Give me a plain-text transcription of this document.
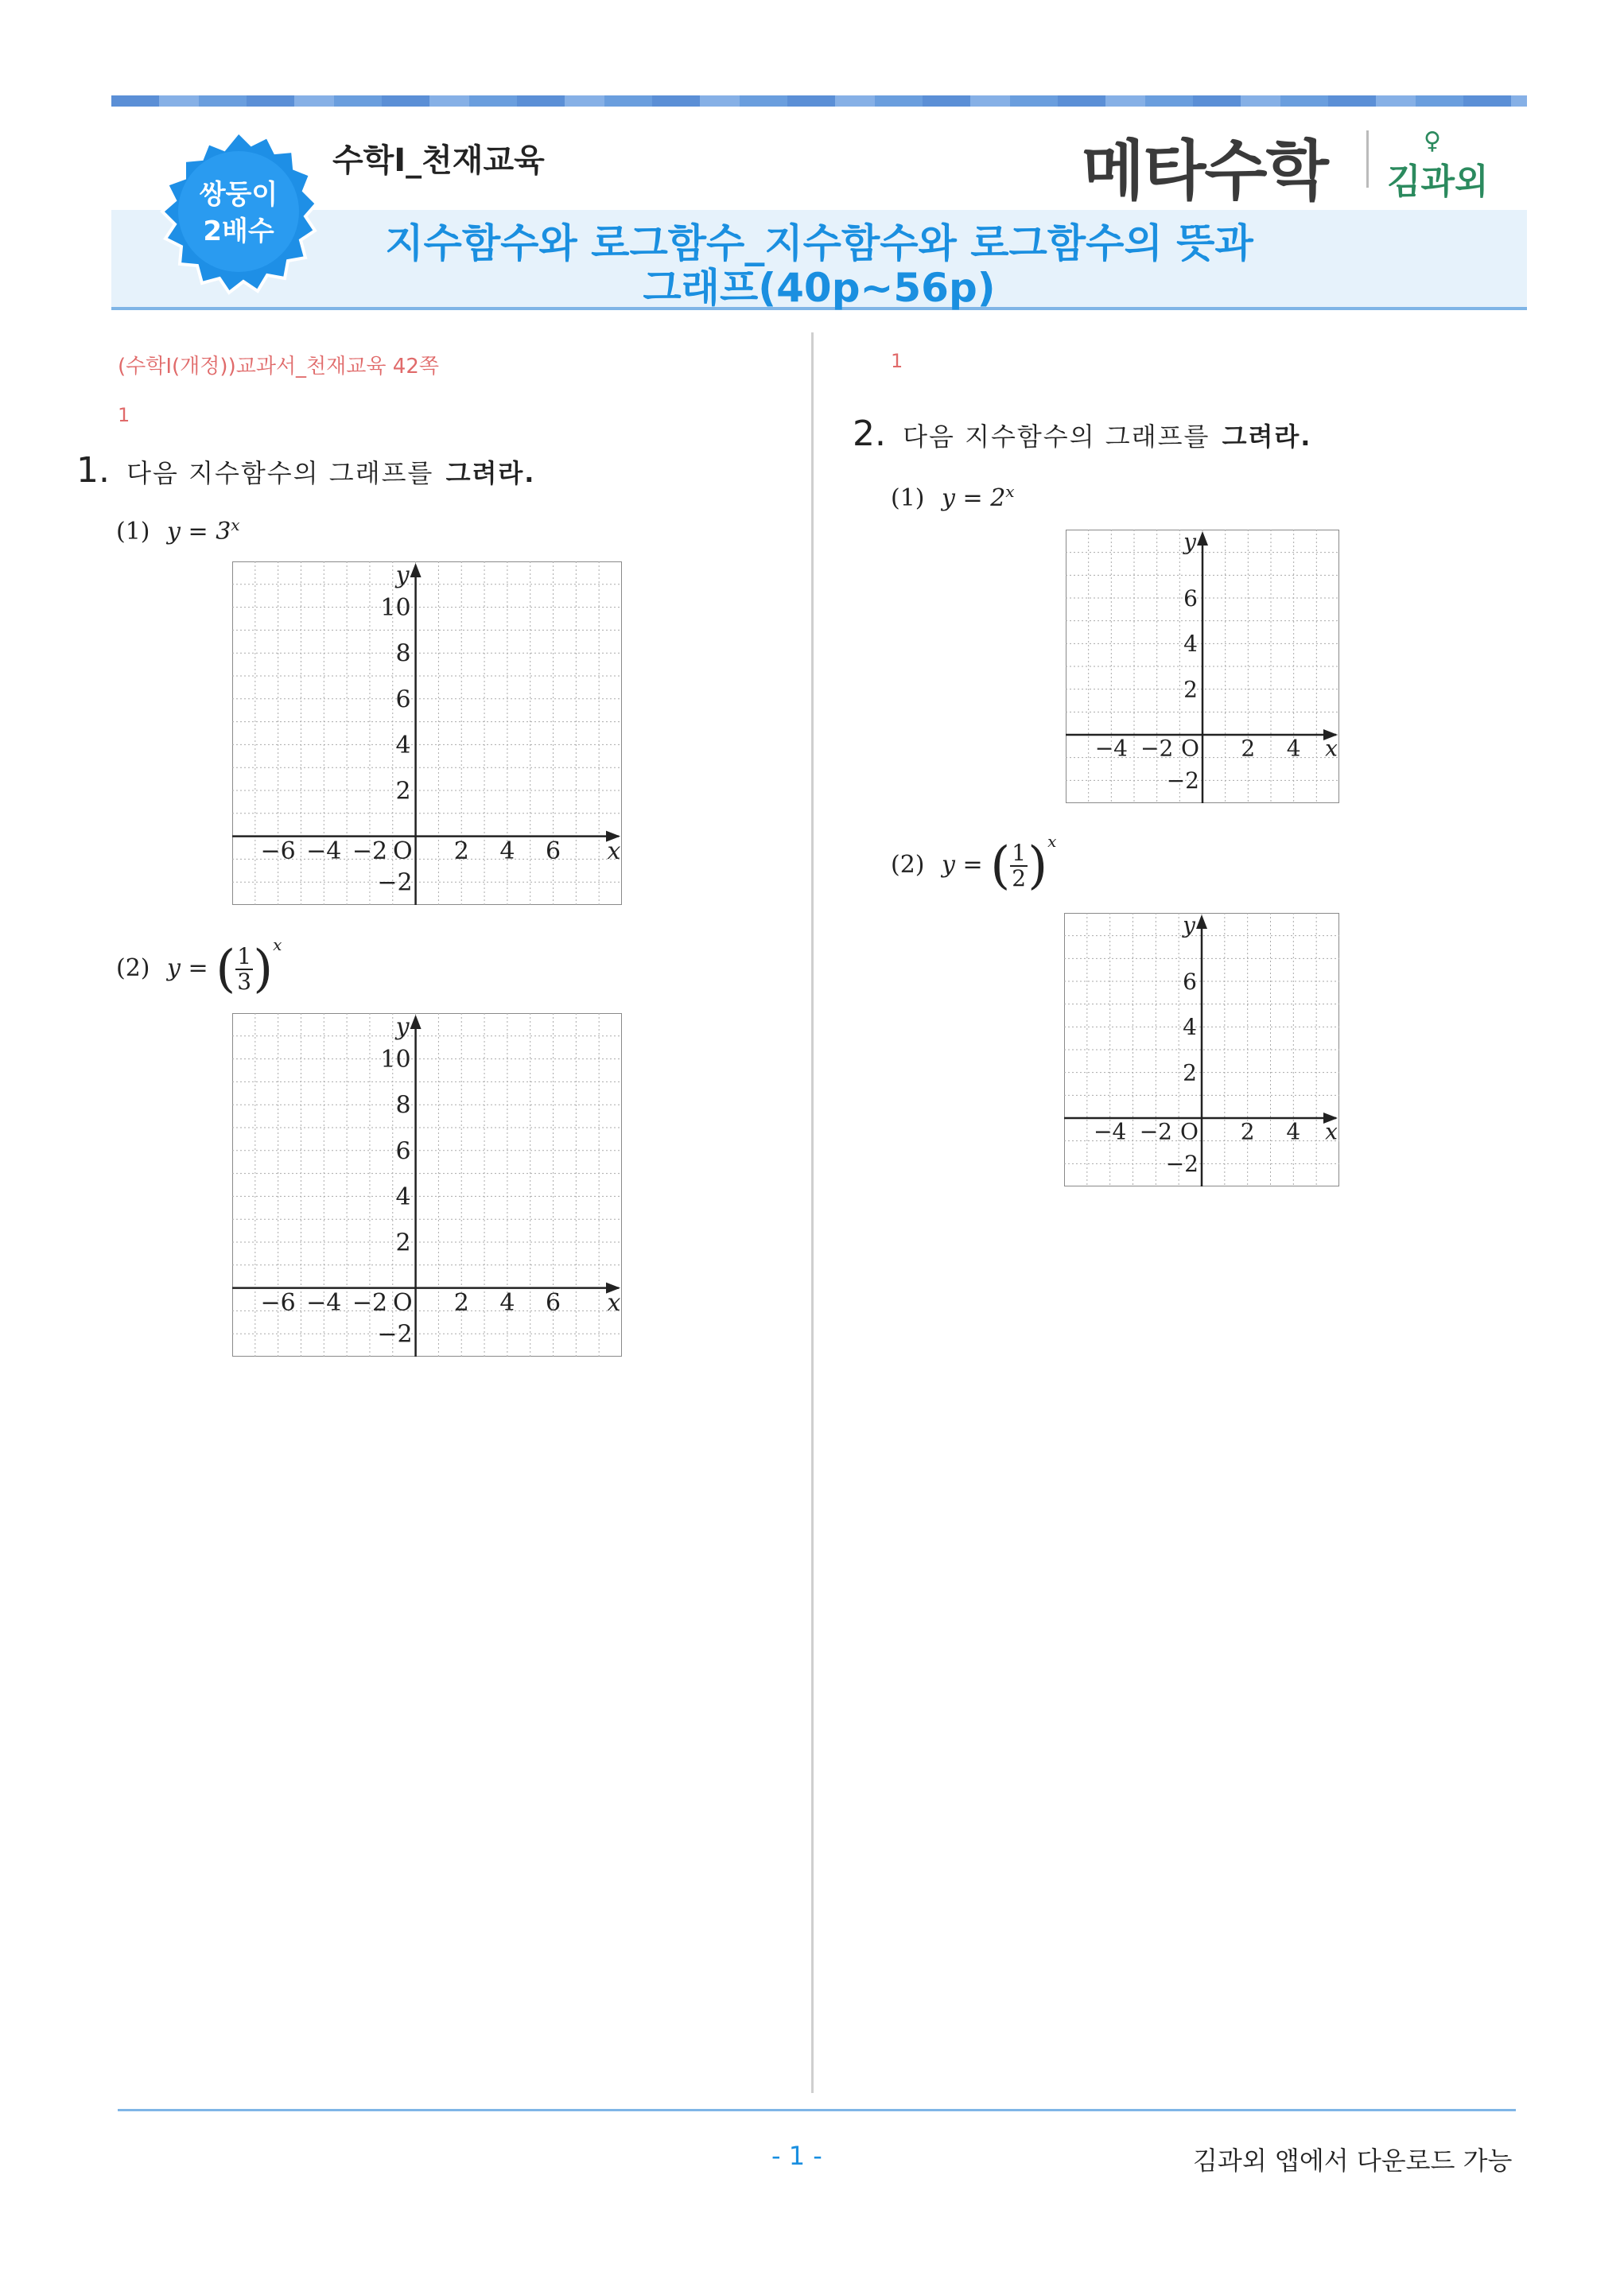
쌍둥이
2배수
수학Ⅰ_천재교육
지수함수와 로그함수_지수함수와 로그함수의 뜻과
그래프(40p~56p)
메타수학	♀
김과외
(수학Ⅰ(개정))교과서_천재교육 42쪽
1
1. 다음 지수함수의 그래프를 그려라.
(1) $y = 3^x$
−6 −4 −2	2 4 6
O	x
10
8
6
4
2
−2
y
(2) y = ( $\frac{1}{3} )^x$
−6 −4 −2	2 4 6
O	x
10
8
6
4
2
−2
y
1
2. 다음 지수함수의 그래프를 그려라.
(1) $y = 2^x$
−4 −2	2 4
O	x
6
4
2
−2
y
(2) y = ( $\frac{1}{2} )^x$
−4 −2	2 4
O	x
6
4
2
−2
y
- 1 -	김과외 앱에서 다운로드 가능
